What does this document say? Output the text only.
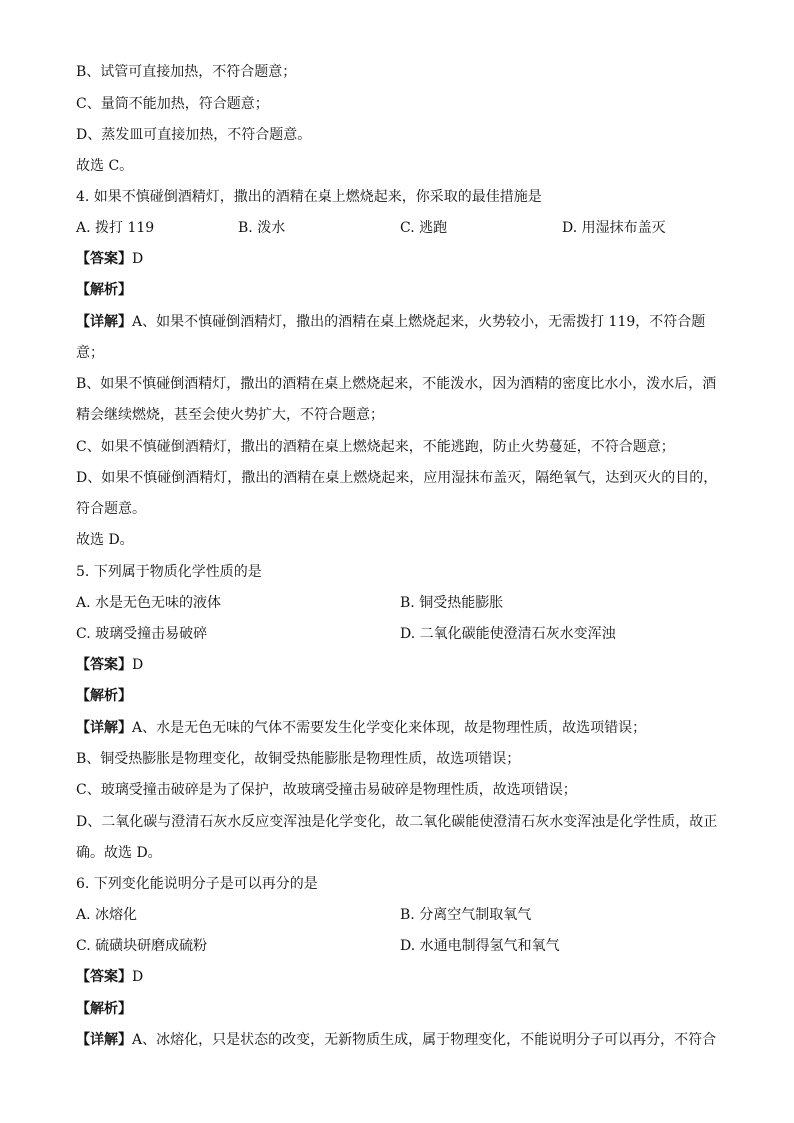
B、试管可直接加热，不符合题意；
C、量筒不能加热，符合题意；
D、蒸发皿可直接加热，不符合题意。
故选 C。
4. 如果不慎碰倒酒精灯，撒出的酒精在桌上燃烧起来，你采取的最佳措施是
A. 拨打 119	B. 泼水	C. 逃跑	D. 用湿抹布盖灭
【答案】D
【解析】
【详解】A、如果不慎碰倒酒精灯，撒出的酒精在桌上燃烧起来，火势较小，无需拨打 119，不符合题
意；
B、如果不慎碰倒酒精灯，撒出的酒精在桌上燃烧起来，不能泼水，因为酒精的密度比水小，泼水后，酒
精会继续燃烧，甚至会使火势扩大，不符合题意；
C、如果不慎碰倒酒精灯，撒出的酒精在桌上燃烧起来，不能逃跑，防止火势蔓延，不符合题意；
D、如果不慎碰倒酒精灯，撒出的酒精在桌上燃烧起来，应用湿抹布盖灭，隔绝氧气，达到灭火的目的，
符合题意。
故选 D。
5. 下列属于物质化学性质的是
A. 水是无色无味的液体	B. 铜受热能膨胀
C. 玻璃受撞击易破碎	D. 二氧化碳能使澄清石灰水变浑浊
【答案】D
【解析】
【详解】A、水是无色无味的气体不需要发生化学变化来体现，故是物理性质，故选项错误；
B、铜受热膨胀是物理变化，故铜受热能膨胀是物理性质，故选项错误；
C、玻璃受撞击破碎是为了保护，故玻璃受撞击易破碎是物理性质，故选项错误；
D、二氧化碳与澄清石灰水反应变浑浊是化学变化，故二氧化碳能使澄清石灰水变浑浊是化学性质，故正
确。故选 D。
6. 下列变化能说明分子是可以再分的是
A. 冰熔化	B. 分离空气制取氧气
C. 硫磺块研磨成硫粉	D. 水通电制得氢气和氧气
【答案】D
【解析】
【详解】A、冰熔化，只是状态的改变，无新物质生成，属于物理变化，不能说明分子可以再分，不符合
